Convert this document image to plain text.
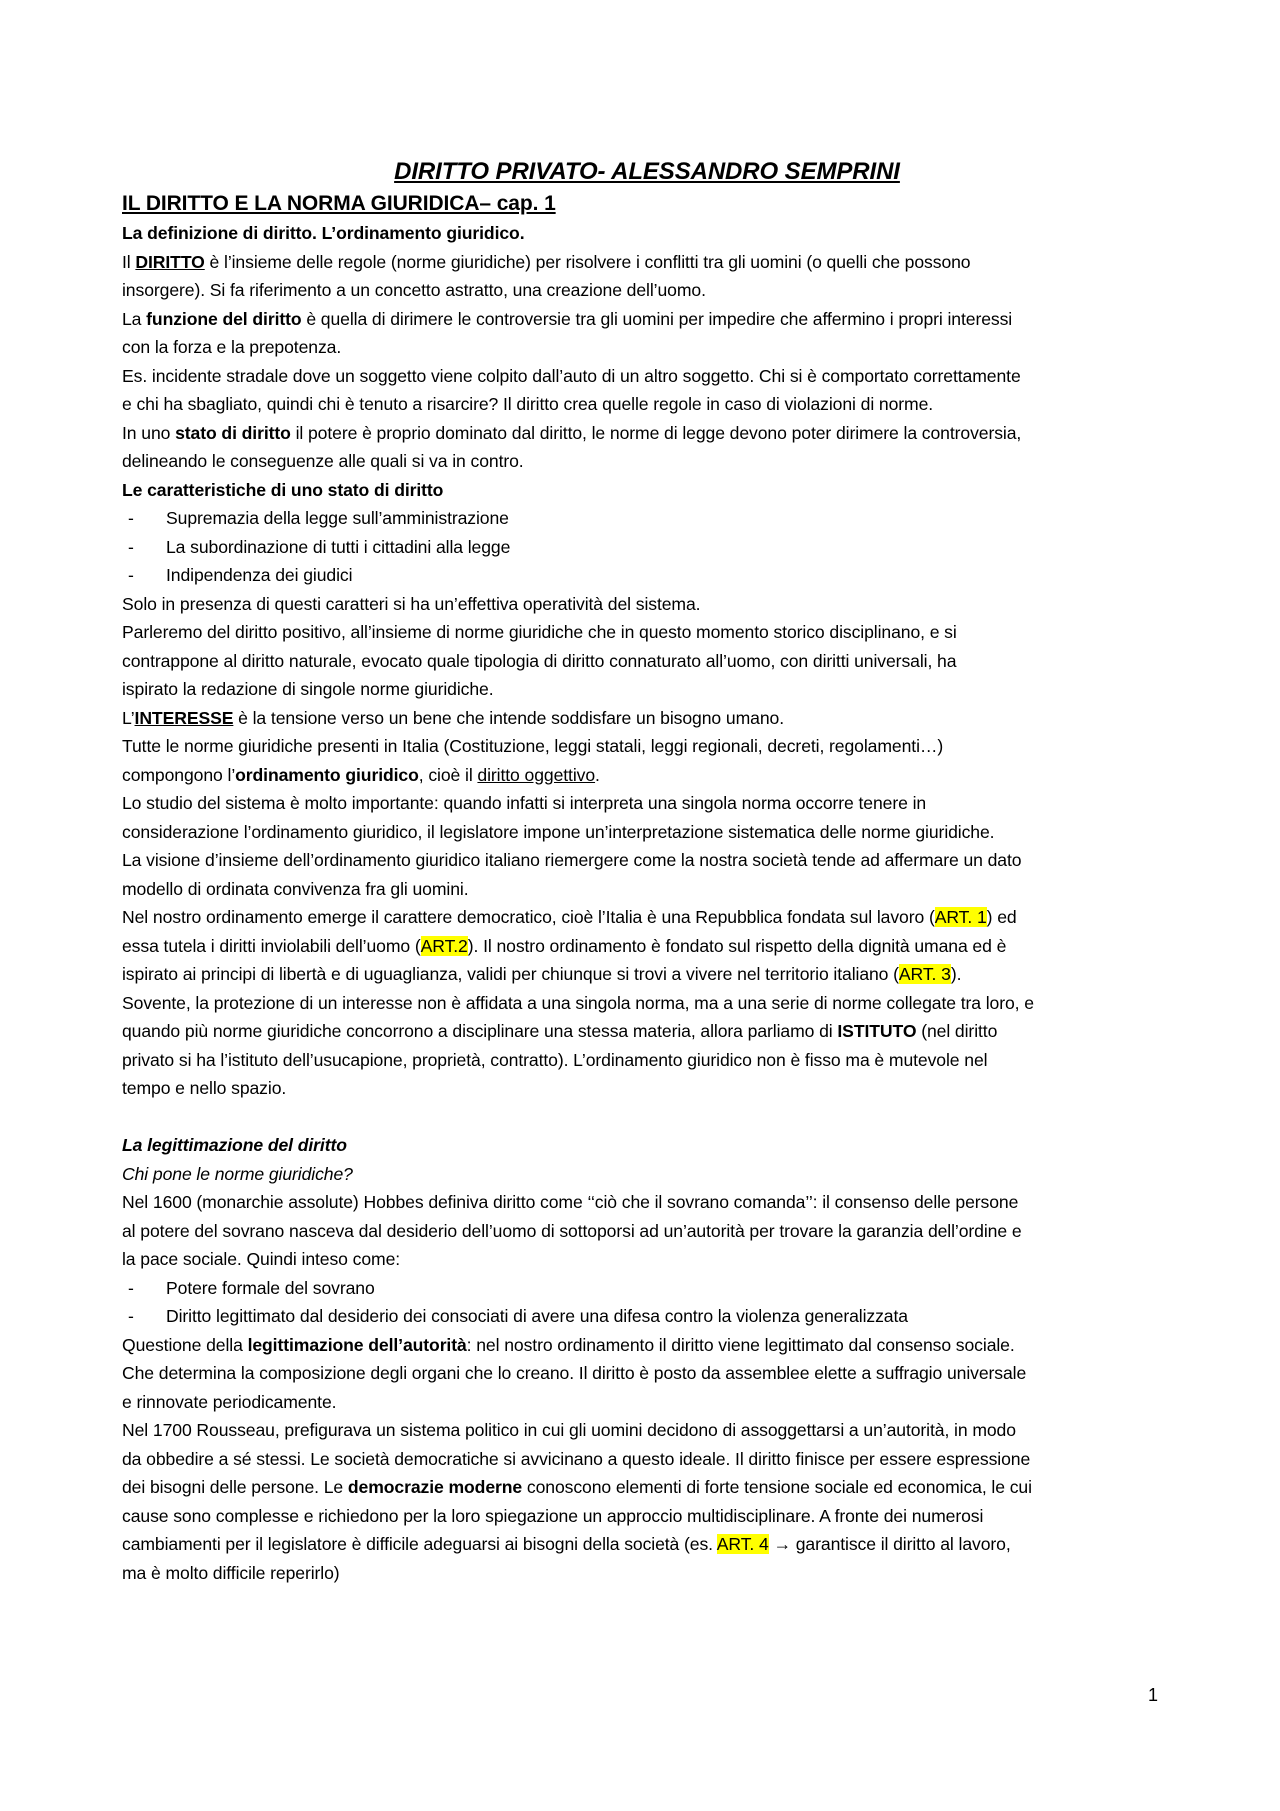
DIRITTO PRIVATO- ALESSANDRO SEMPRINI

IL DIRITTO E LA NORMA GIURIDICA– cap. 1

La definizione di diritto. L’ordinamento giuridico.

Il DIRITTO è l’insieme delle regole (norme giuridiche) per risolvere i conflitti tra gli uomini (o quelli che possono

insorgere). Si fa riferimento a un concetto astratto, una creazione dell’uomo.

La funzione del diritto è quella di dirimere le controversie tra gli uomini per impedire che affermino i propri interessi

con la forza e la prepotenza.

Es. incidente stradale dove un soggetto viene colpito dall’auto di un altro soggetto. Chi si è comportato correttamente

e chi ha sbagliato, quindi chi è tenuto a risarcire? Il diritto crea quelle regole in caso di violazioni di norme.

In uno stato di diritto il potere è proprio dominato dal diritto, le norme di legge devono poter dirimere la controversia,

delineando le conseguenze alle quali si va in contro.

Le caratteristiche di uno stato di diritto

- Supremazia della legge sull’amministrazione

- La subordinazione di tutti i cittadini alla legge

- Indipendenza dei giudici

Solo in presenza di questi caratteri si ha un’effettiva operatività del sistema.

Parleremo del diritto positivo, all’insieme di norme giuridiche che in questo momento storico disciplinano, e si

contrappone al diritto naturale, evocato quale tipologia di diritto connaturato all’uomo, con diritti universali, ha

ispirato la redazione di singole norme giuridiche.

L’INTERESSE è la tensione verso un bene che intende soddisfare un bisogno umano.

Tutte le norme giuridiche presenti in Italia (Costituzione, leggi statali, leggi regionali, decreti, regolamenti…)

compongono l’ordinamento giuridico, cioè il diritto oggettivo.

Lo studio del sistema è molto importante: quando infatti si interpreta una singola norma occorre tenere in

considerazione l’ordinamento giuridico, il legislatore impone un’interpretazione sistematica delle norme giuridiche.

La visione d’insieme dell’ordinamento giuridico italiano riemergere come la nostra società tende ad affermare un dato

modello di ordinata convivenza fra gli uomini.

Nel nostro ordinamento emerge il carattere democratico, cioè l’Italia è una Repubblica fondata sul lavoro (ART. 1) ed

essa tutela i diritti inviolabili dell’uomo (ART.2). Il nostro ordinamento è fondato sul rispetto della dignità umana ed è

ispirato ai principi di libertà e di uguaglianza, validi per chiunque si trovi a vivere nel territorio italiano (ART. 3).

Sovente, la protezione di un interesse non è affidata a una singola norma, ma a una serie di norme collegate tra loro, e

quando più norme giuridiche concorrono a disciplinare una stessa materia, allora parliamo di ISTITUTO (nel diritto

privato si ha l’istituto dell’usucapione, proprietà, contratto). L’ordinamento giuridico non è fisso ma è mutevole nel

tempo e nello spazio.

La legittimazione del diritto

Chi pone le norme giuridiche?

Nel 1600 (monarchie assolute) Hobbes definiva diritto come ‘‘ciò che il sovrano comanda’’: il consenso delle persone

al potere del sovrano nasceva dal desiderio dell’uomo di sottoporsi ad un’autorità per trovare la garanzia dell’ordine e

la pace sociale. Quindi inteso come:

- Potere formale del sovrano

- Diritto legittimato dal desiderio dei consociati di avere una difesa contro la violenza generalizzata

Questione della legittimazione dell’autorità: nel nostro ordinamento il diritto viene legittimato dal consenso sociale.

Che determina la composizione degli organi che lo creano. Il diritto è posto da assemblee elette a suffragio universale

e rinnovate periodicamente.

Nel 1700 Rousseau, prefigurava un sistema politico in cui gli uomini decidono di assoggettarsi a un’autorità, in modo

da obbedire a sé stessi. Le società democratiche si avvicinano a questo ideale. Il diritto finisce per essere espressione

dei bisogni delle persone. Le democrazie moderne conoscono elementi di forte tensione sociale ed economica, le cui

cause sono complesse e richiedono per la loro spiegazione un approccio multidisciplinare. A fronte dei numerosi

cambiamenti per il legislatore è difficile adeguarsi ai bisogni della società (es. ART. 4 → garantisce il diritto al lavoro,

ma è molto difficile reperirlo)

1
